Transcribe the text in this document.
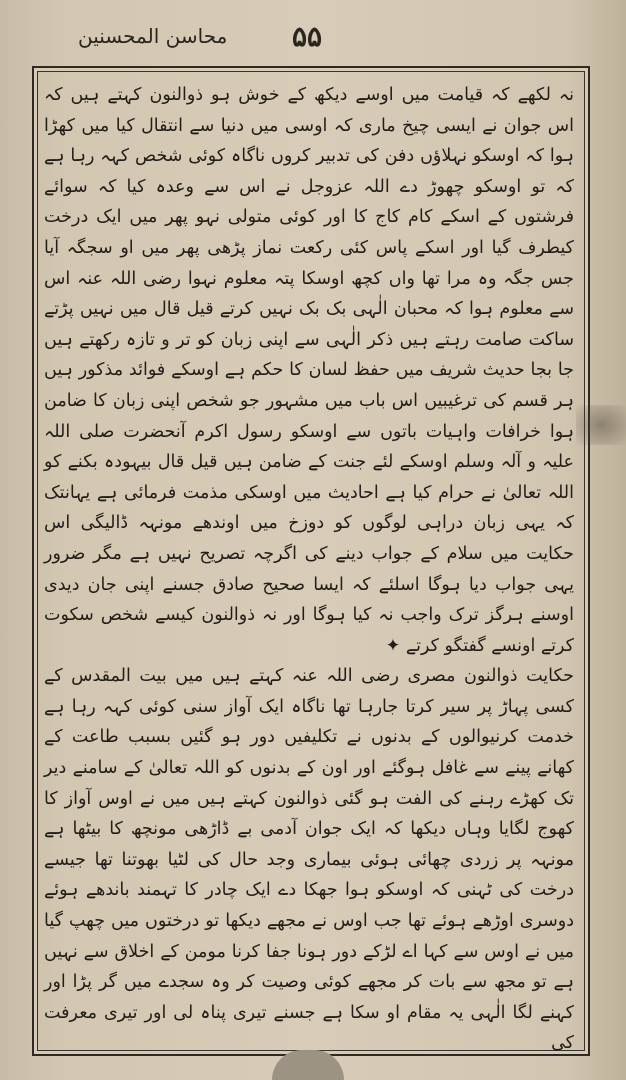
محاسن المحسنین ۵۵

نہ لکھے کہ قیامت میں اوسے دیکھ کے خوش ہو ذوالنون کہتے ہیں کہ اس جوان نے ایسی چیخ ماری کہ اوسی میں دنیا سے انتقال کیا میں کھڑا ہوا کہ اوسکو نہلاؤں دفن کی تدبیر کروں ناگاہ کوئی شخص کہہ رہا ہے کہ تو اوسکو چھوڑ دے اللہ عزوجل نے اس سے وعدہ کیا کہ سوائے فرشتوں کے اسکے کام کاج کا اور کوئی متولی نہو پھر میں ایک درخت کیطرف گیا اور اسکے پاس کئی رکعت نماز پڑھی پھر میں او سجگہ آیا جس جگہ وہ مرا تھا واں کچھ اوسکا پتہ معلوم نہوا رضی اللہ عنہ اس سے معلوم ہوا کہ محبان الٰہی بک بک نہیں کرتے قیل قال میں نہیں پڑتے ساکت صامت رہتے ہیں ذکر الٰہی سے اپنی زبان کو تر و تازہ رکھتے ہیں جا بجا حدیث شریف میں حفظ لسان کا حکم ہے اوسکے فوائد مذکور ہیں ہر قسم کی ترغیبیں اس باب میں مشہور جو شخص اپنی زبان کا ضامن ہوا خرافات واہیات باتوں سے اوسکو رسول اکرم آنحضرت صلی اللہ علیہ و آلہ وسلم اوسکے لئے جنت کے ضامن ہیں قیل قال بیہودہ بکنے کو اللہ تعالیٰ نے حرام کیا ہے احادیث میں اوسکی مذمت فرمائی ہے یہانتک کہ یہی زبان دراہی لوگوں کو دوزخ میں اوندھے مونہہ ڈالیگی اس حکایت میں سلام کے جواب دینے کی اگرچہ تصریح نہیں ہے مگر ضرور یہی جواب دیا ہوگا اسلئے کہ ایسا صحیح صادق جسنے اپنی جان دیدی اوسنے ہرگز ترک واجب نہ کیا ہوگا اور نہ ذوالنون کیسے شخص سکوت کرتے اونسے گفتگو کرتے ✦

حکایت ذوالنون مصری رضی اللہ عنہ کہتے ہیں میں بیت المقدس کے کسی پہاڑ پر سیر کرتا جارہا تھا ناگاہ ایک آواز سنی کوئی کہہ رہا ہے خدمت کرنیوالوں کے بدنوں نے تکلیفیں دور ہو گئیں بسبب طاعت کے کھانے پینے سے غافل ہوگئے اور اون کے بدنوں کو اللہ تعالیٰ کے سامنے دیر تک کھڑے رہنے کی الفت ہو گئی ذوالنون کہتے ہیں میں نے اوس آواز کا کھوج لگایا وہاں دیکھا کہ ایک جوان آدمی بے ڈاڑھی مونچھ کا بیٹھا ہے مونہہ پر زردی چھائی ہوئی بیماری وجد حال کی لٹیا بھوتنا تھا جیسے درخت کی ٹہنی کہ اوسکو ہوا جھکا دے ایک چادر کا تہمند باندھے ہوئے دوسری اوڑھے ہوئے تھا جب اوس نے مجھے دیکھا تو درختوں میں چھپ گیا میں نے اوس سے کہا اے لڑکے دور ہونا جفا کرنا مومن کے اخلاق سے نہیں ہے تو مجھ سے بات کر مجھے کوئی وصیت کر وہ سجدے میں گر پڑا اور کہنے لگا الٰہی یہ مقام او سکا ہے جسنے تیری پناہ لی اور تیری معرفت کی
